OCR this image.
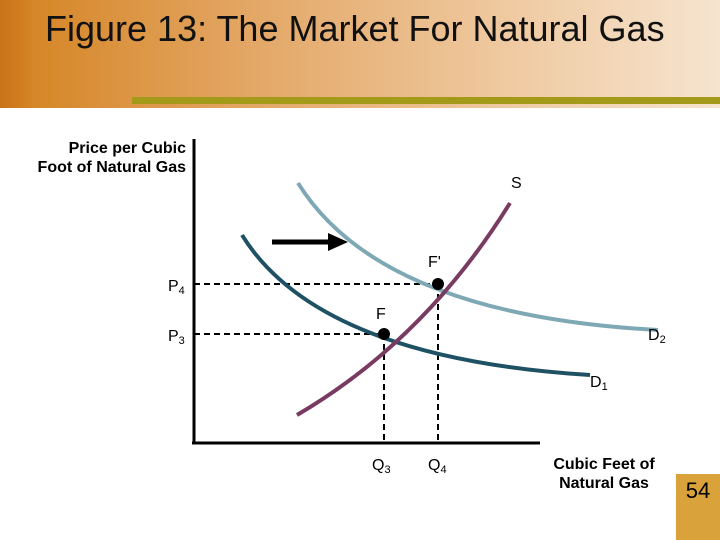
Figure 13: The Market For Natural Gas
Price per Cubic Foot of Natural Gas
S
F'
F
$P_4$
$P_3$	$D_2$
$D_1$
$Q_3$ $Q_4$	Cubic Feet of Natural Gas	54
